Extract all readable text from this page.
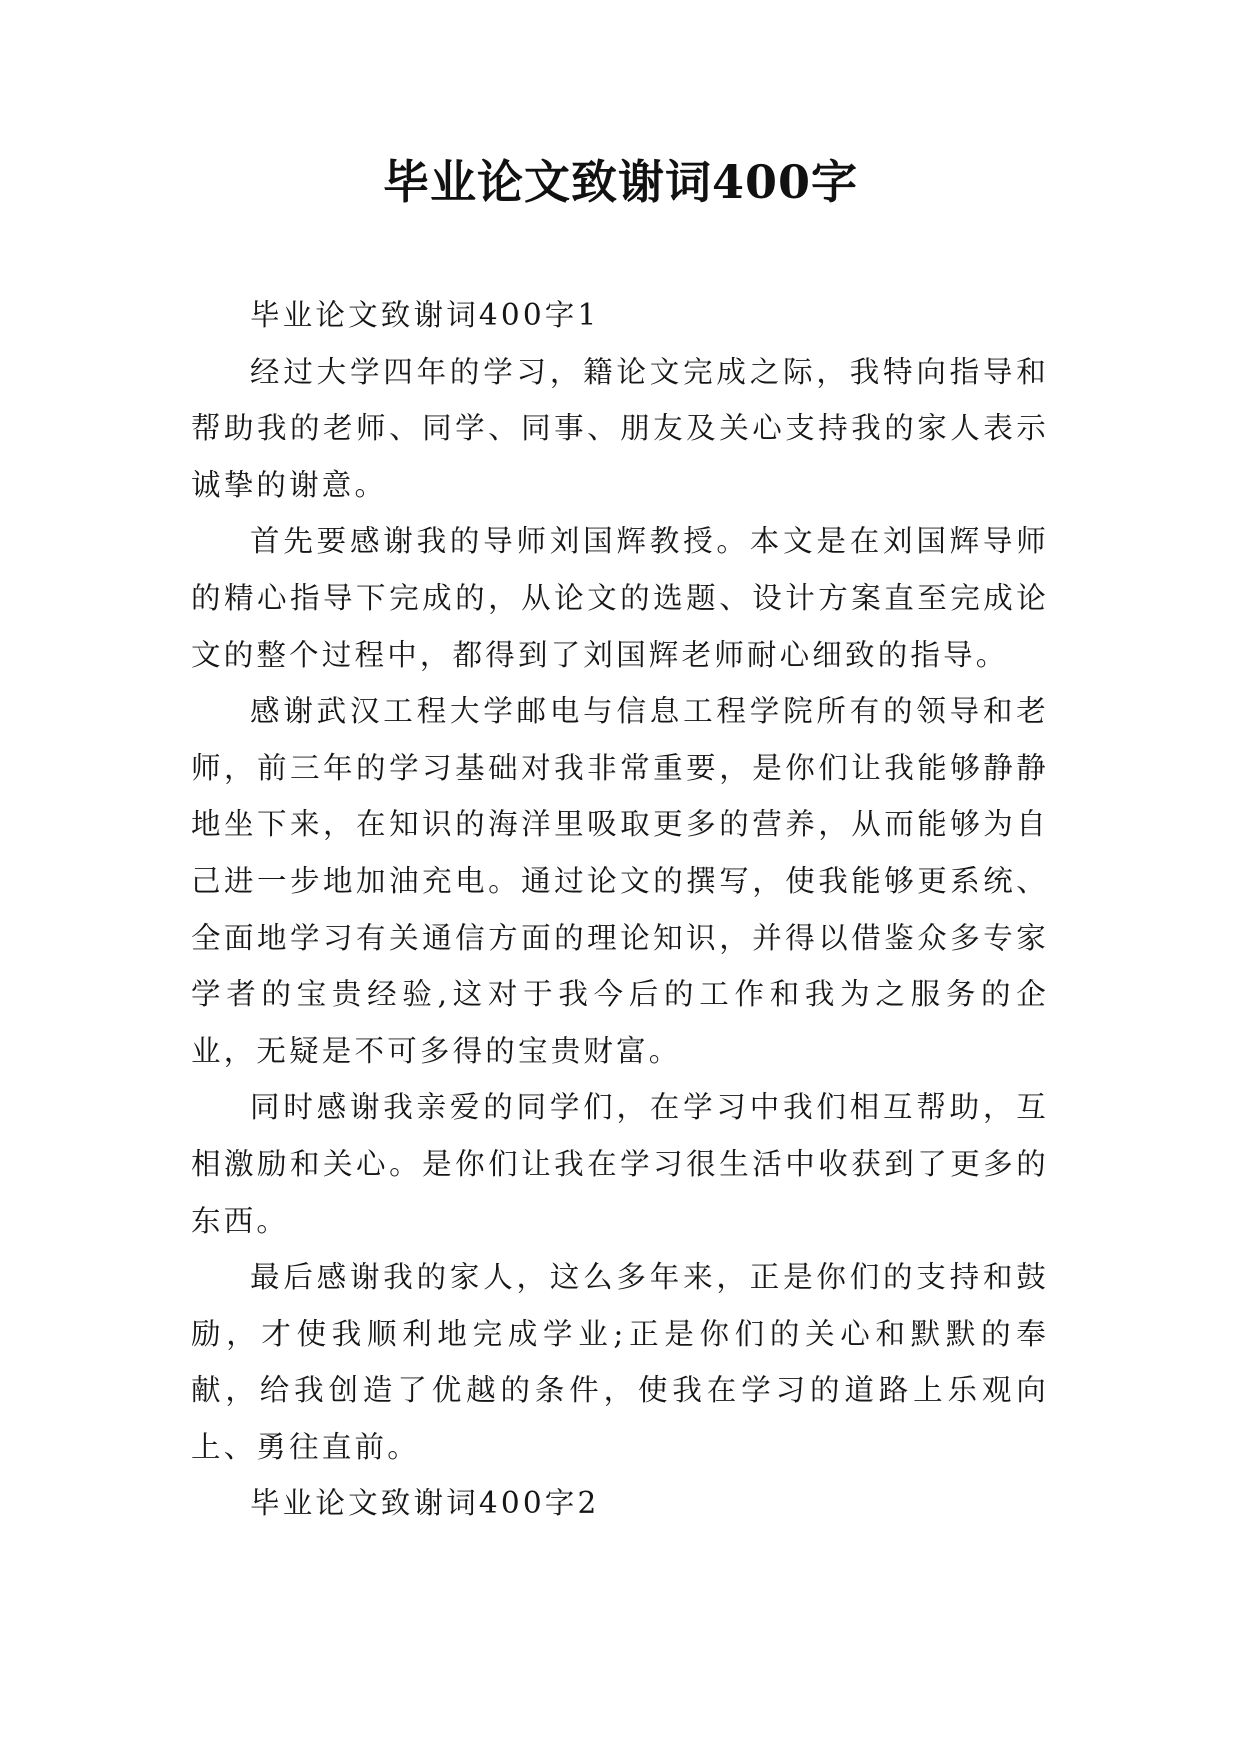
毕业论文致谢词400字

毕业论文致谢词400字1

经过大学四年的学习，籍论文完成之际，我特向指导和帮助我的老师、同学、同事、朋友及关心支持我的家人表示诚挚的谢意。

首先要感谢我的导师刘国辉教授。本文是在刘国辉导师的精心指导下完成的，从论文的选题、设计方案直至完成论文的整个过程中，都得到了刘国辉老师耐心细致的指导。

感谢武汉工程大学邮电与信息工程学院所有的领导和老师，前三年的学习基础对我非常重要，是你们让我能够静静地坐下来，在知识的海洋里吸取更多的营养，从而能够为自己进一步地加油充电。通过论文的撰写，使我能够更系统、全面地学习有关通信方面的理论知识，并得以借鉴众多专家学者的宝贵经验,这对于我今后的工作和我为之服务的企业，无疑是不可多得的宝贵财富。

同时感谢我亲爱的同学们，在学习中我们相互帮助，互相激励和关心。是你们让我在学习很生活中收获到了更多的东西。

最后感谢我的家人，这么多年来，正是你们的支持和鼓励，才使我顺利地完成学业;正是你们的关心和默默的奉献，给我创造了优越的条件，使我在学习的道路上乐观向上、勇往直前。

毕业论文致谢词400字2
